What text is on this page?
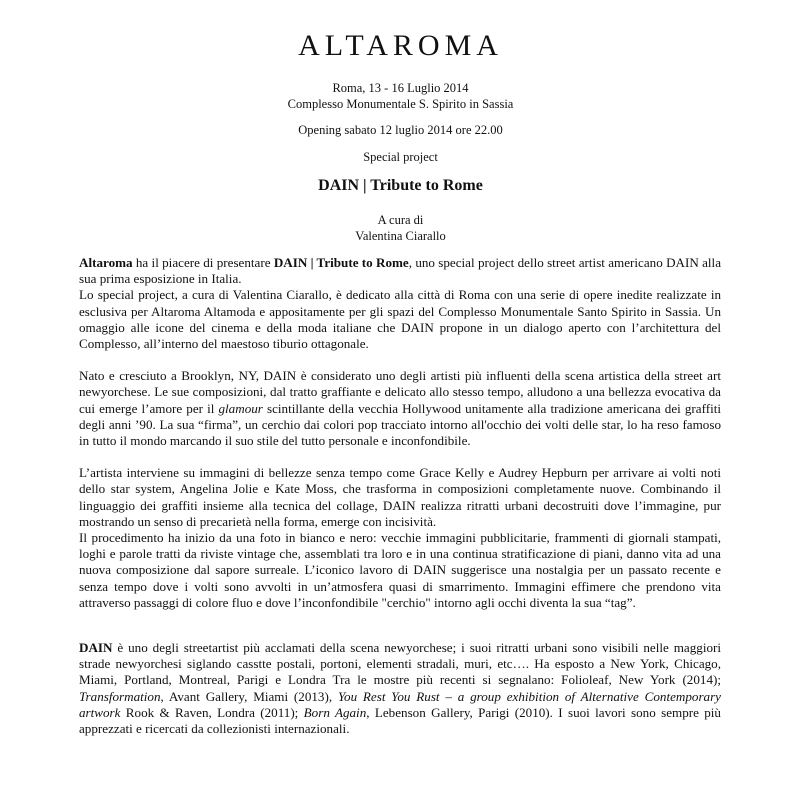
ALTAROMA
Roma, 13 - 16 Luglio 2014
Complesso Monumentale S. Spirito in Sassia
Opening sabato 12 luglio 2014 ore 22.00
Special project
DAIN | Tribute to Rome
A cura di
Valentina Ciarallo

Altaroma ha il piacere di presentare DAIN | Tribute to Rome, uno special project dello street artist americano DAIN alla sua prima esposizione in Italia.

Lo special project, a cura di Valentina Ciarallo, è dedicato alla città di Roma con una serie di opere inedite realizzate in esclusiva per Altaroma Altamoda e appositamente per gli spazi del Complesso Monumentale Santo Spirito in Sassia. Un omaggio alle icone del cinema e della moda italiane che DAIN propone in un dialogo aperto con l’architettura del Complesso, all’interno del maestoso tiburio ottagonale.

Nato e cresciuto a Brooklyn, NY, DAIN è considerato uno degli artisti più influenti della scena artistica della street art newyorchese. Le sue composizioni, dal tratto graffiante e delicato allo stesso tempo, alludono a una bellezza evocativa da cui emerge l’amore per il glamour scintillante della vecchia Hollywood unitamente alla tradizione americana dei graffiti degli anni ’90. La sua “firma”, un cerchio dai colori pop tracciato intorno all'occhio dei volti delle star, lo ha reso famoso in tutto il mondo marcando il suo stile del tutto personale e inconfondibile.

L’artista interviene su immagini di bellezze senza tempo come Grace Kelly e Audrey Hepburn per arrivare ai volti noti dello star system, Angelina Jolie e Kate Moss, che trasforma in composizioni completamente nuove. Combinando il linguaggio dei graffiti insieme alla tecnica del collage, DAIN realizza ritratti urbani decostruiti dove l’immagine, pur mostrando un senso di precarietà nella forma, emerge con incisività.

Il procedimento ha inizio da una foto in bianco e nero: vecchie immagini pubblicitarie, frammenti di giornali stampati, loghi e parole tratti da riviste vintage che, assemblati tra loro e in una continua stratificazione di piani, danno vita ad una nuova composizione dal sapore surreale. L’iconico lavoro di DAIN suggerisce una nostalgia per un passato recente e senza tempo dove i volti sono avvolti in un’atmosfera quasi di smarrimento. Immagini effimere che prendono vita attraverso passaggi di colore fluo e dove l’inconfondibile "cerchio" intorno agli occhi diventa la sua “tag”.

DAIN è uno degli streetartist più acclamati della scena newyorchese; i suoi ritratti urbani sono visibili nelle maggiori strade newyorchesi siglando casstte postali, portoni, elementi stradali, muri, etc…. Ha esposto a New York, Chicago, Miami, Portland, Montreal, Parigi e Londra Tra le mostre più recenti si segnalano: Folioleaf, New York (2014); Transformation, Avant Gallery, Miami (2013), You Rest You Rust – a group exhibition of Alternative Contemporary artwork Rook & Raven, Londra (2011); Born Again, Lebenson Gallery, Parigi (2010). I suoi lavori sono sempre più apprezzati e ricercati da collezionisti internazionali.
